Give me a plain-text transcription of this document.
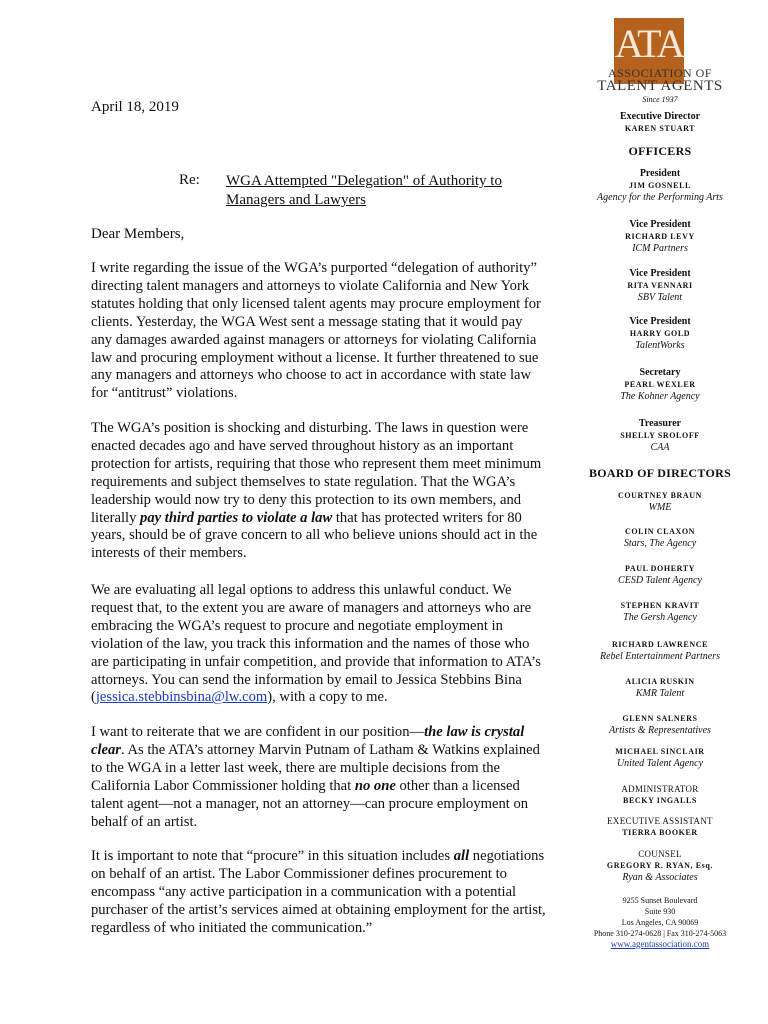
April 18, 2019
Re: WGA Attempted "Delegation" of Authority to Managers and Lawyers
Dear Members,

I write regarding the issue of the WGA’s purported “delegation of authority” directing talent managers and attorneys to violate California and New York statutes holding that only licensed talent agents may procure employment for clients. Yesterday, the WGA West sent a message stating that it would pay any damages awarded against managers or attorneys for violating California law and procuring employment without a license. It further threatened to sue any managers and attorneys who choose to act in accordance with state law for “antitrust” violations.

The WGA’s position is shocking and disturbing. The laws in question were enacted decades ago and have served throughout history as an important protection for artists, requiring that those who represent them meet minimum requirements and subject themselves to state regulation. That the WGA’s leadership would now try to deny this protection to its own members, and literally pay third parties to violate a law that has protected writers for 80 years, should be of grave concern to all who believe unions should act in the interests of their members.

We are evaluating all legal options to address this unlawful conduct. We request that, to the extent you are aware of managers and attorneys who are embracing the WGA’s request to procure and negotiate employment in violation of the law, you track this information and the names of those who are participating in unfair competition, and provide that information to ATA’s attorneys. You can send the information by email to Jessica Stebbins Bina (jessica.stebbinsbina@lw.com), with a copy to me.

I want to reiterate that we are confident in our position—the law is crystal clear. As the ATA’s attorney Marvin Putnam of Latham & Watkins explained to the WGA in a letter last week, there are multiple decisions from the California Labor Commissioner holding that no one other than a licensed talent agent—not a manager, not an attorney—can procure employment on behalf of an artist.

It is important to note that “procure” in this situation includes all negotiations on behalf of an artist. The Labor Commissioner defines procurement to encompass “any active participation in a communication with a potential purchaser of the artist’s services aimed at obtaining employment for the artist, regardless of who initiated the communication.”

ATA
ASSOCIATION OF
TALENT AGENTS
Since 1937
Executive Director
KAREN STUART
OFFICERS
President
JIM GOSNELL
Agency for the Performing Arts
Vice President
RICHARD LEVY
ICM Partners
Vice President
RITA VENNARI
SBV Talent
Vice President
HARRY GOLD
TalentWorks
Secretary
PEARL WEXLER
The Kohner Agency
Treasurer
SHELLY SROLOFF
CAA
BOARD OF DIRECTORS
COURTNEY BRAUN
WME
COLIN CLAXON
Stars, The Agency
PAUL DOHERTY
CESD Talent Agency
STEPHEN KRAVIT
The Gersh Agency
RICHARD LAWRENCE
Rebel Entertainment Partners
ALICIA RUSKIN
KMR Talent
GLENN SALNERS
Artists & Representatives
MICHAEL SINCLAIR
United Talent Agency
ADMINISTRATOR
BECKY INGALLS
EXECUTIVE ASSISTANT
TIERRA BOOKER
COUNSEL
GREGORY R. RYAN, Esq.
Ryan & Associates
9255 Sunset Boulevard
Suite 930
Los Angeles, CA 90069
Phone 310-274-0628 | Fax 310-274-5063
www.agentassociation.com
